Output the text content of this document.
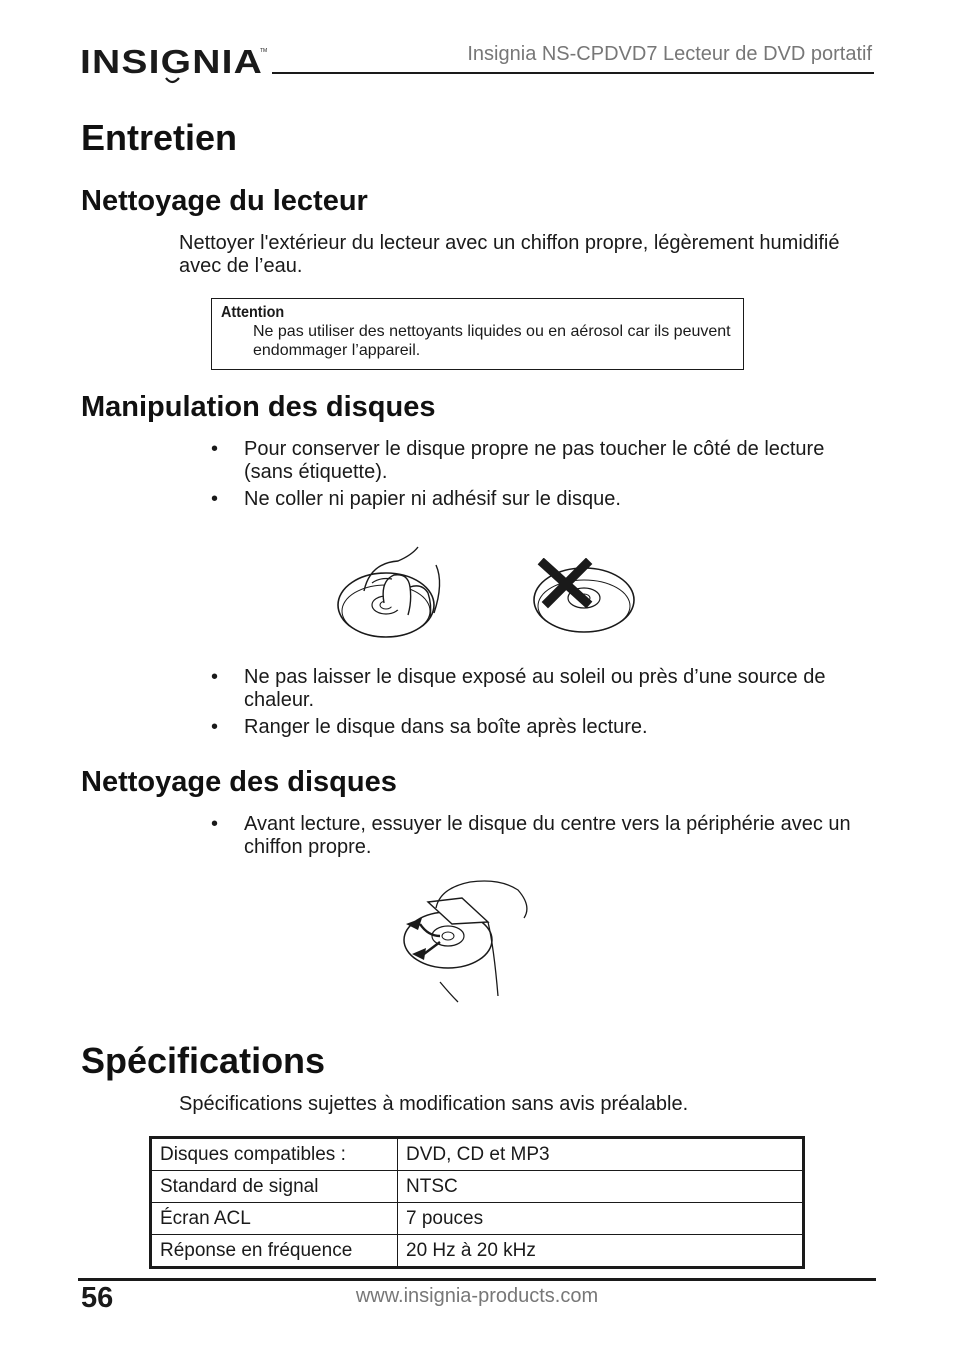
INSIGNIA
TM	Insignia NS-CPDVD7 Lecteur de DVD portatif
Entretien
Nettoyage du lecteur

Nettoyer l'extérieur du lecteur avec un chiffon propre, légèrement humidifié avec de l’eau.

Attention
Ne pas utiliser des nettoyants liquides ou en aérosol car ils peuvent endommager l’appareil.
Manipulation des disques
• Pour conserver le disque propre ne pas toucher le côté de lecture (sans étiquette).
• Ne coller ni papier ni adhésif sur le disque.
• Ne pas laisser le disque exposé au soleil ou près d’une source de chaleur.
• Ranger le disque dans sa boîte après lecture.
Nettoyage des disques
• Avant lecture, essuyer le disque du centre vers la périphérie avec un chiffon propre.
Spécifications

Spécifications sujettes à modification sans avis préalable.

Disques compatibles :	DVD, CD et MP3
Standard de signal	NTSC
Écran ACL	7 pouces
Réponse en fréquence	20 Hz à 20 kHz
56	www.insignia-products.com
